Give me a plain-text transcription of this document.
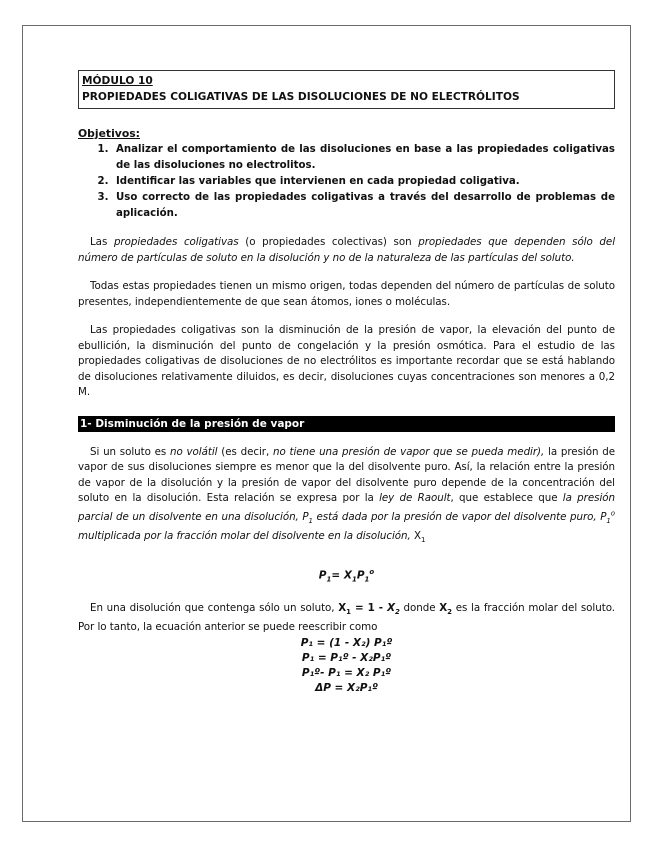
MÓDULO 10
PROPIEDADES COLIGATIVAS DE LAS DISOLUCIONES DE NO ELECTRÓLITOS
Objetivos:
1. Analizar el comportamiento de las disoluciones en base a las propiedades coligativas de las disoluciones no electrolitos.
2. Identificar las variables que intervienen en cada propiedad coligativa.
3. Uso correcto de las propiedades coligativas a través del desarrollo de problemas de aplicación.

Las propiedades coligativas (o propiedades colectivas) son propiedades que dependen sólo del número de partículas de soluto en la disolución y no de la naturaleza de las partículas del soluto.

Todas estas propiedades tienen un mismo origen, todas dependen del número de partículas de soluto presentes, independientemente de que sean átomos, iones o moléculas.

Las propiedades coligativas son la disminución de la presión de vapor, la elevación del punto de ebullición, la disminución del punto de congelación y la presión osmótica. Para el estudio de las propiedades coligativas de disoluciones de no electrólitos es importante recordar que se está hablando de disoluciones relativamente diluidos, es decir, disoluciones cuyas concentraciones son menores a 0,2 M.

1- Disminución de la presión de vapor

Si un soluto es no volátil (es decir, no tiene una presión de vapor que se pueda medir), la presión de vapor de sus disoluciones siempre es menor que la del disolvente puro. Así, la relación entre la presión de vapor de la disolución y la presión de vapor del disolvente puro depende de la concentración del soluto en la disolución. Esta relación se expresa por la ley de Raoult, que establece que la presión parcial de un disolvente en una disolución, $P_1$ está dada por la presión de vapor del disolvente puro, $P_1^o$ multiplicada por la fracción molar del disolvente en la disolución, $X_1$

$P_1= X_1P_1^o$

En una disolución que contenga sólo un soluto, $X_1 = 1 - X_2$ donde $X_2$ es la fracción molar del soluto. Por lo tanto, la ecuación anterior se puede reescribir como

P₁ = (1 - X₂) P₁º
P₁ = P₁º - X₂P₁º
P₁º- P₁ = X₂ P₁º
ΔP = X₂P₁º
